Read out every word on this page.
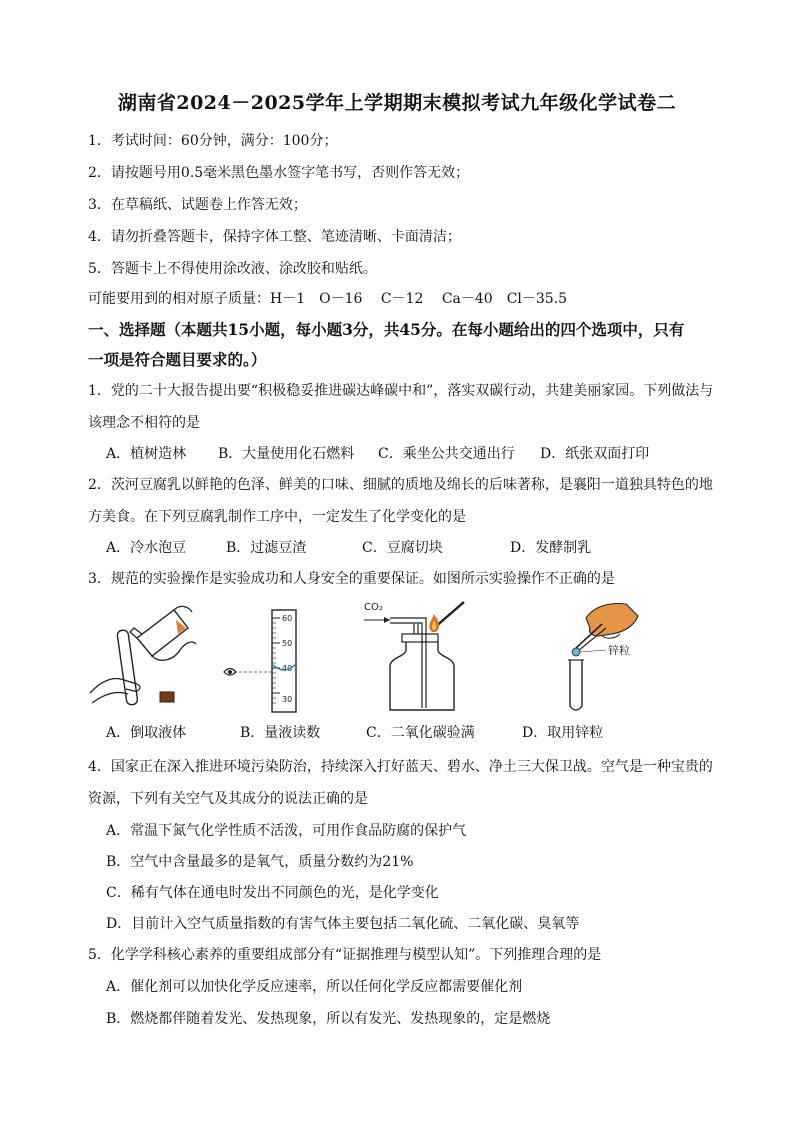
湖南省2024－2025学年上学期期末模拟考试九年级化学试卷二
1．考试时间：60分钟，满分：100分；
2．请按题号用0.5毫米黑色墨水签字笔书写，否则作答无效；
3．在草稿纸、试题卷上作答无效；
4．请勿折叠答题卡，保持字体工整、笔迹清晰、卡面清洁；
5．答题卡上不得使用涂改液、涂改胶和贴纸。
可能要用到的相对原子质量：H－1　O－16　 C－12　 Ca－40　Cl－35.5
一、选择题（本题共15小题，每小题3分，共45分。在每小题给出的四个选项中，只有
一项是符合题目要求的。）
1．党的二十大报告提出要“积极稳妥推进碳达峰碳中和”，落实双碳行动，共建美丽家园。下列做法与
该理念不相符的是
A．植树造林 B．大量使用化石燃料 C．乘坐公共交通出行 D．纸张双面打印
2．茨河豆腐乳以鲜艳的色泽、鲜美的口味、细腻的质地及绵长的后味著称，是襄阳一道独具特色的地
方美食。在下列豆腐乳制作工序中，一定发生了化学变化的是
A．冷水泡豆	B．过滤豆渣	C．豆腐切块	D．发酵制乳
3．规范的实验操作是实验成功和人身安全的重要保证。如图所示实验操作不正确的是
A．倒取液体
60
50
40
30
B．量液读数
CO₂
C．二氧化碳验满
锌粒
D．取用锌粒
4．国家正在深入推进环境污染防治，持续深入打好蓝天、碧水、净土三大保卫战。空气是一种宝贵的
资源，下列有关空气及其成分的说法正确的是
A．常温下氮气化学性质不活泼，可用作食品防腐的保护气
B．空气中含量最多的是氧气，质量分数约为21%
C．稀有气体在通电时发出不同颜色的光，是化学变化
D．目前计入空气质量指数的有害气体主要包括二氧化硫、二氧化碳、臭氧等
5．化学学科核心素养的重要组成部分有“证据推理与模型认知”。下列推理合理的是
A．催化剂可以加快化学反应速率，所以任何化学反应都需要催化剂
B．燃烧都伴随着发光、发热现象，所以有发光、发热现象的，定是燃烧
